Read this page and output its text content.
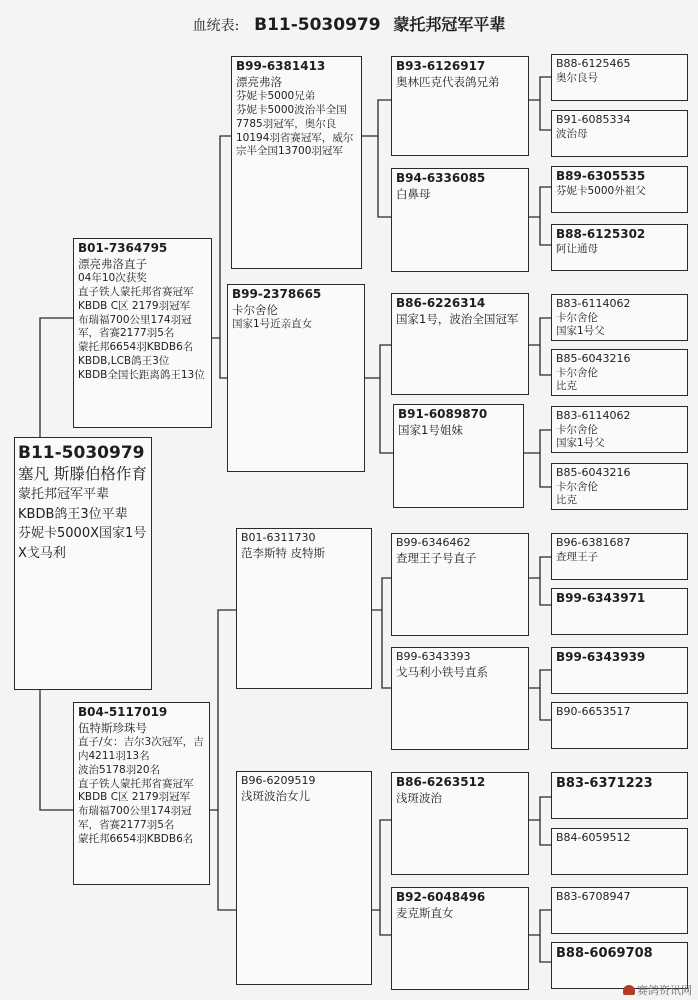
血统表: B11-5030979 蒙托邦冠军平辈
B11-5030979
塞凡 斯滕伯格作育
蒙托邦冠军平辈
KBDB鸽王3位平辈
芬妮卡5000X国家1号X戈马利
B01-7364795
漂亮弗洛直子
04年10次获奖
直子铁人蒙托邦省赛冠军
KBDB C区 2179羽冠军
布瑞福700公里174羽冠军，省赛2177羽5名
蒙托邦6654羽KBDB6名
KBDB,LCB鸽王3位
KBDB全国长距离鸽王13位
B04-5117019
伍特斯珍珠号
直子/女：吉尔3次冠军，吉内4211羽13名
波治5178羽20名
直子铁人蒙托邦省赛冠军
KBDB C区 2179羽冠军
布瑞福700公里174羽冠军，省赛2177羽5名
蒙托邦6654羽KBDB6名
B99-6381413
漂亮弗洛
芬妮卡5000兄弟
芬妮卡5000波治半全国7785羽冠军，奥尔良10194羽省赛冠军，威尔宗半全国13700羽冠军
B99-2378665
卡尔舍伦
国家1号近亲直女
B01-6311730
范李斯特 皮特斯
B96-6209519
浅斑波治女儿
B93-6126917
奥林匹克代表鸽兄弟
B94-6336085
白鼻母
B86-6226314
国家1号，波治全国冠军
B91-6089870
国家1号姐妹
B99-6346462
查理王子号直子
B99-6343393
戈马利小铁号直系
B86-6263512
浅斑波治
B92-6048496
麦克斯直女
B88-6125465
奥尔良号
B91-6085334
波治母
B89-6305535
芬妮卡5000外祖父
B88-6125302
阿让通母
B83-6114062
卡尔舍伦
国家1号父
B85-6043216
卡尔舍伦
比克
B83-6114062
卡尔舍伦
国家1号父
B85-6043216
卡尔舍伦
比克
B96-6381687
查理王子
B99-6343971
B99-6343939
B90-6653517
B83-6371223
B84-6059512
B83-6708947
B88-6069708
赛鸽资讯网
